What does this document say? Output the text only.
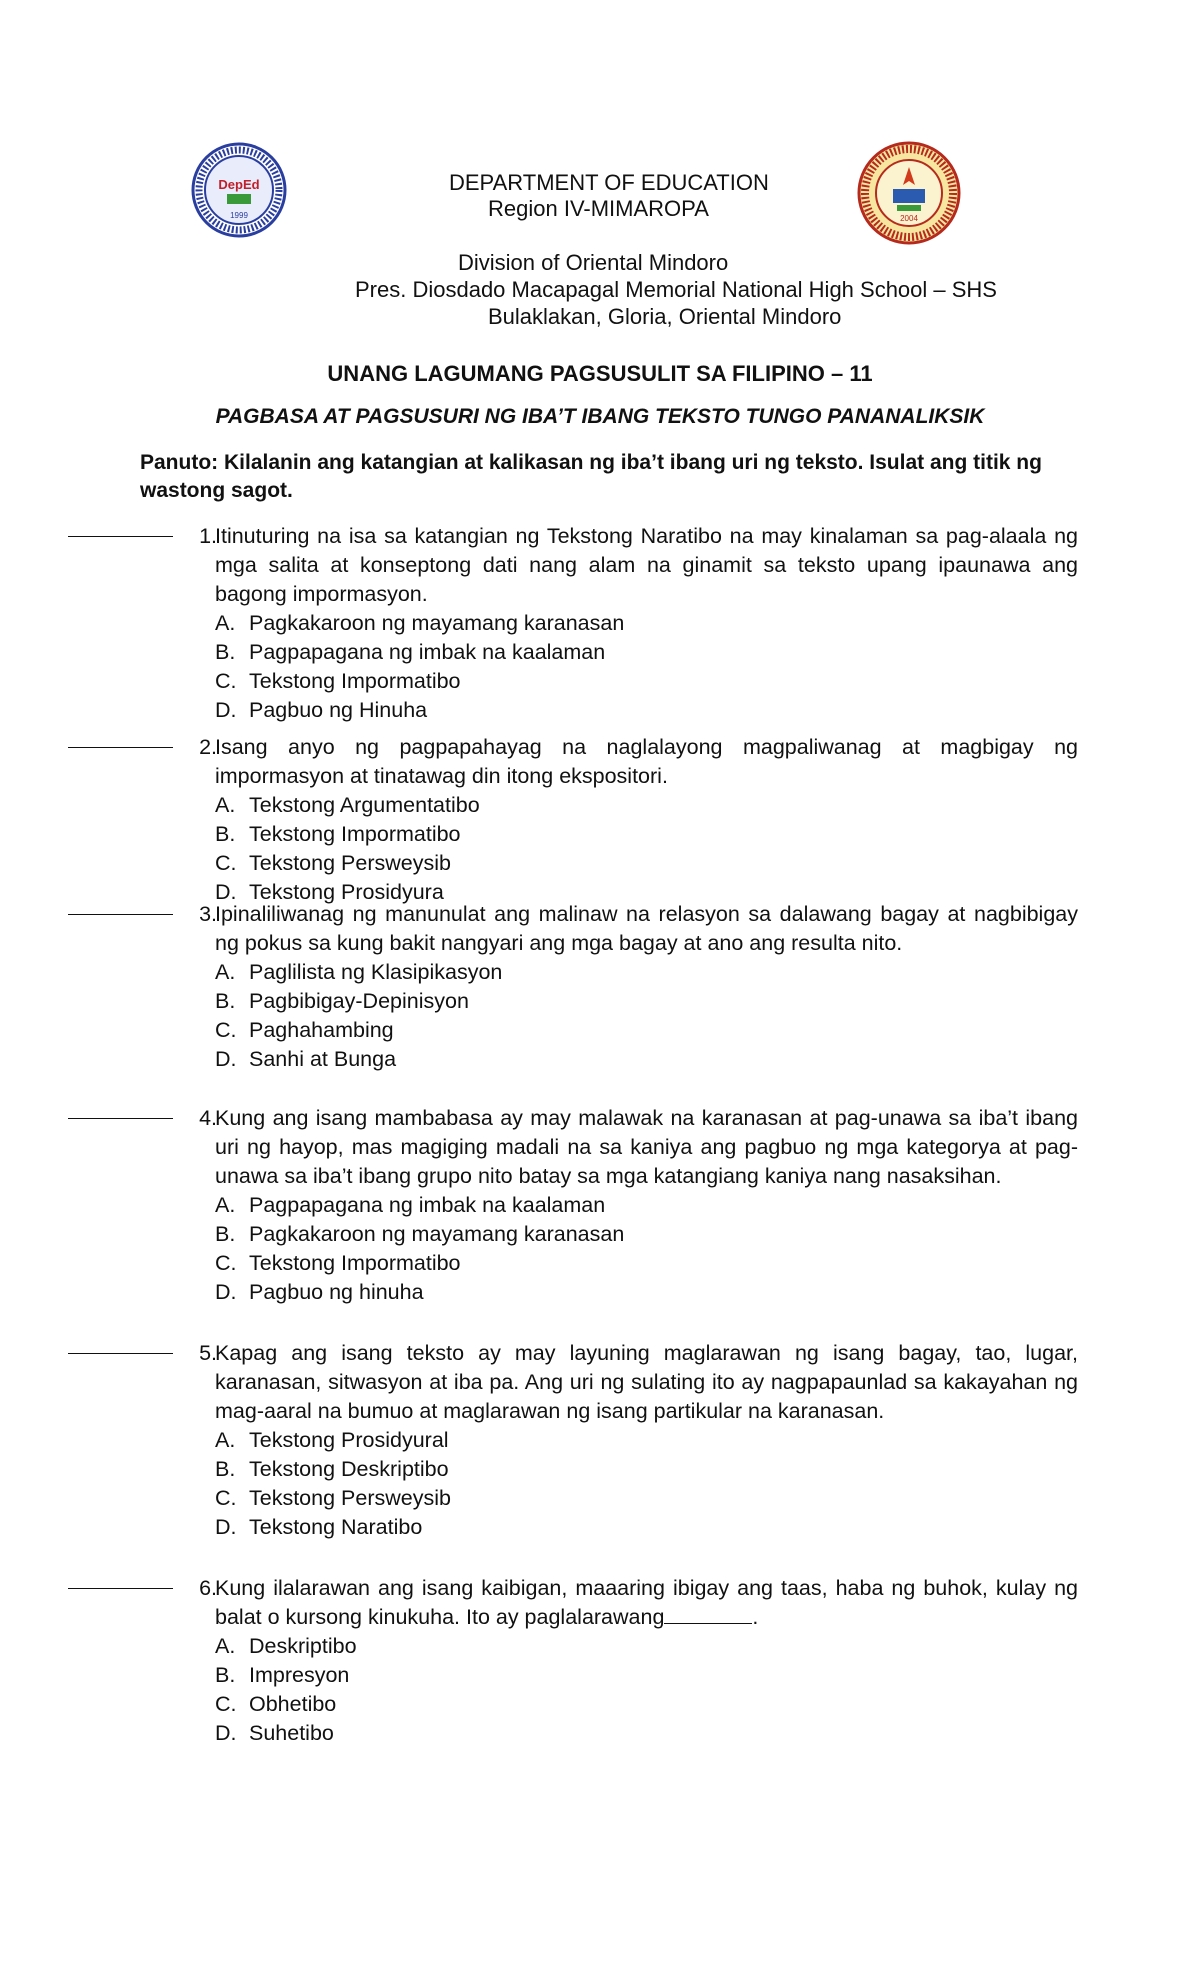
DepEd
1999	2004
DEPARTMENT OF EDUCATION
Region IV-MIMAROPA
Division of Oriental Mindoro
Pres. Diosdado Macapagal Memorial National High School – SHS
Bulaklakan, Gloria, Oriental Mindoro
UNANG LAGUMANG PAGSUSULIT SA FILIPINO – 11
PAGBASA AT PAGSUSURI NG IBA’T IBANG TEKSTO TUNGO PANANALIKSIK
Panuto: Kilalanin ang katangian at kalikasan ng iba’t ibang uri ng teksto. Isulat ang titik ng wastong sagot.
1.
Itinuturing na isa sa katangian ng Tekstong Naratibo na may kinalaman sa pag-alaala ng mga salita at konseptong dati nang alam na ginamit sa teksto upang ipaunawa ang bagong impormasyon.
A. Pagkakaroon ng mayamang karanasan
B. Pagpapagana ng imbak na kaalaman
C. Tekstong Impormatibo
D. Pagbuo ng Hinuha
2.
Isang anyo ng pagpapahayag na naglalayong magpaliwanag at magbigay ng impormasyon at tinatawag din itong ekspositori.
A. Tekstong Argumentatibo
B. Tekstong Impormatibo
C. Tekstong Persweysib
D. Tekstong Prosidyura
3.
Ipinaliliwanag ng manunulat ang malinaw na relasyon sa dalawang bagay at nagbibigay ng pokus sa kung bakit nangyari ang mga bagay at ano ang resulta nito.
A. Paglilista ng Klasipikasyon
B. Pagbibigay-Depinisyon
C. Paghahambing
D. Sanhi at Bunga
4.
Kung ang isang mambabasa ay may malawak na karanasan at pag-unawa sa iba’t ibang uri ng hayop, mas magiging madali na sa kaniya ang pagbuo ng mga kategorya at pag-unawa sa iba’t ibang grupo nito batay sa mga katangiang kaniya nang nasaksihan.
A. Pagpapagana ng imbak na kaalaman
B. Pagkakaroon ng mayamang karanasan
C. Tekstong Impormatibo
D. Pagbuo ng hinuha
5.
Kapag ang isang teksto ay may layuning maglarawan ng isang bagay, tao, lugar, karanasan, sitwasyon at iba pa. Ang uri ng sulating ito ay nagpapaunlad sa kakayahan ng mag-aaral na bumuo at maglarawan ng isang partikular na karanasan.
A. Tekstong Prosidyural
B. Tekstong Deskriptibo
C. Tekstong Persweysib
D. Tekstong Naratibo
6.
Kung ilalarawan ang isang kaibigan, maaaring ibigay ang taas, haba ng buhok, kulay ng balat o kursong kinukuha. Ito ay paglalarawang	.
A. Deskriptibo
B. Impresyon
C. Obhetibo
D. Suhetibo
